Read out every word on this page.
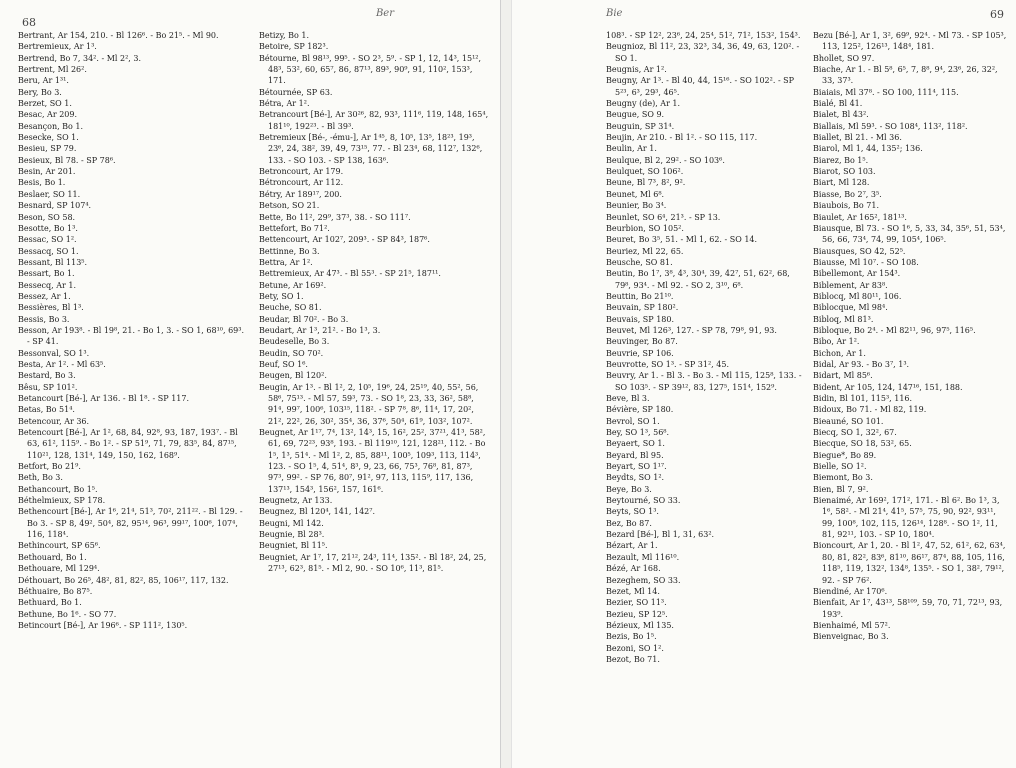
68
Ber

Bertrant, Ar 154, 210. - Bl 126⁶. - Bo 21⁵. - Ml 90.

Bertremieux, Ar 1³.

Bertrend, Bo 7, 34². - Ml 2², 3.

Bertrent, Ml 26².

Beru, Ar 1³¹.

Bery, Bo 3.

Berzet, SO 1.

Besac, Ar 209.

Besançon, Bo 1.

Besecke, SO 1.

Besieu, SP 79.

Besieux, Bl 78. - SP 78⁶.

Besin, Ar 201.

Besis, Bo 1.

Beslaer, SO 11.

Besnard, SP 107⁴.

Beson, SO 58.

Besotte, Bo 1³.

Bessac, SO 1².

Bessacq, SO 1.

Bessant, Bl 113⁵.

Bessart, Bo 1.

Bessecq, Ar 1.

Bessez, Ar 1.

Bessières, Bl 1³.

Bessis, Bo 3.

Besson, Ar 193⁸. - Bl 19⁸, 21. - Bo 1, 3. - SO 1, 68¹⁰, 69³. - SP 41.

Bessonval, SO 1³.

Besta, Ar 1². - Ml 63⁵.

Bestard, Bo 3.

Bêsu, SP 101².

Betancourt [Bé-], Ar 136. - Bl 1⁸. - SP 117.

Betas, Bo 51⁴.

Betencour, Ar 36.

Betencourt [Bé-], Ar 1², 68, 84, 92⁸, 93, 187, 193⁷. - Bl 63, 61², 115⁹. - Bo 1². - SP 51⁹, 71, 79, 83⁵, 84, 87¹⁵, 110²¹, 128, 131⁴, 149, 150, 162, 168⁹.

Betfort, Bo 21⁹.

Beth, Bo 3.

Bethancourt, Bo 1⁵.

Béthelmieux, SP 178.

Bethencourt [Bé-], Ar 1⁶, 21⁴, 51³, 70², 211²². - Bl 129. - Bo 3. - SP 8, 49², 50⁴, 82, 95¹⁴, 96³, 99¹⁷, 100⁶, 107⁴, 116, 118⁴.

Bethincourt, SP 65⁶.

Bethouard, Bo 1.

Bethouare, Ml 129⁴.

Déthouart, Bo 26⁵, 48², 81, 82², 85, 106¹⁷, 117, 132.

Béthuaire, Bo 87⁵.

Bethuard, Bo 1.

Bethune, Bo 1⁶. - SO 77.

Betincourt [Bé-], Ar 196⁶. - SP 111², 130⁵.

Betizy, Bo 1.

Betoire, SP 182³.

Bétourne, Bl 98¹³, 99⁵. - SO 2³, 5⁹. - SP 1, 12, 14³, 15¹², 48³, 53², 60, 65⁷, 86, 87¹³, 89³, 90⁹, 91, 110², 153³, 171.

Bétournée, SP 63.

Bétra, Ar 1².

Betrancourt [Bé-], Ar 30²⁶, 82, 93³, 111⁶, 119, 148, 165⁴, 181¹⁰, 192²³. - Bl 39³.

Betremieux [Bé-, -ému-], Ar 1⁴⁵, 8, 10⁵, 13⁵, 18²³, 19³, 23⁶, 24, 38², 39, 49, 73¹⁵, 77. - Bl 23⁴, 68, 112⁷, 132⁶, 133. - SO 103. - SP 138, 163⁶.

Betroncourt, Ar 179.

Bétroncourt, Ar 112.

Bétry, Ar 189¹⁷, 200.

Betson, SO 21.

Bette, Bo 11², 29⁹, 37³, 38. - SO 111⁷.

Bettefort, Bo 71².

Bettencourt, Ar 102⁷, 209³. - SP 84³, 187⁶.

Bettinne, Bo 3.

Bettra, Ar 1².

Bettremieux, Ar 47³. - Bl 55³. - SP 21⁵, 187¹¹.

Betune, Ar 169².

Bety, SO 1.

Beuche, SO 81.

Beudar, Bl 70². - Bo 3.

Beudart, Ar 1³, 21². - Bo 1³, 3.

Beudeselle, Bo 3.

Beudin, SO 70².

Beuf, SO 1⁶.

Beugen, Bl 120².

Beugin, Ar 1³. - Bl 1², 2, 10⁵, 19⁶, 24, 25¹⁹, 40, 55², 56, 58⁶, 75¹³. - Ml 57, 59³, 73. - SO 1⁸, 23, 33, 36², 58⁸, 91⁴, 99⁷, 100⁶, 103¹⁵, 118². - SP 7⁸, 8⁶, 11⁴, 17, 20², 21², 22², 26, 30², 35⁴, 36, 37⁶, 50⁴, 61⁹, 103², 107².

Beugnet, Ar 1¹⁷, 7⁴, 13², 14³, 15, 16², 25², 37²¹, 41³, 58², 61, 69, 72²³, 93⁸, 193. - Bl 119¹⁰, 121, 128²¹, 112. - Bo 1⁵, 1³, 51⁴. - Ml 1², 2, 85, 88¹¹, 100⁵, 109³, 113, 114³, 123. - SO 1⁵, 4, 51⁴, 8³, 9, 23, 66, 75³, 76⁸, 81, 87³, 97³, 99². - SP 76, 80⁷, 91², 97, 113, 115⁹, 117, 136, 137¹³, 154³, 156², 157, 161⁶.

Beugnetz, Ar 133.

Beugnez, Bl 120⁴, 141, 142⁷.

Beugni, Ml 142.

Beugnie, Bl 28³.

Beugniet, Bl 11⁵.

Beugniet, Ar 1⁷, 17, 21¹², 24³, 11⁴, 135². - Bl 18², 24, 25, 27¹³, 62³, 81⁵. - Ml 2, 90. - SO 10⁶, 11³, 81⁵.

Bie	69

108³. - SP 12², 23⁶, 24, 25⁴, 51², 71², 153², 154³.

Beugnioz, Bl 11², 23, 32³, 34, 36, 49, 63, 120². - SO 1.

Beugnis, Ar 1².

Beugny, Ar 1³. - Bl 40, 44, 15¹⁶. - SO 102². - SP 5²³, 6³, 29³, 46⁵.

Beugny (de), Ar 1.

Beugue, SO 9.

Beuguin, SP 31⁴.

Beujin, Ar 210. - Bl 1². - SO 115, 117.

Beulin, Ar 1.

Beulque, Bl 2, 29². - SO 103⁶.

Beulquet, SO 106².

Beune, Bl 7³, 8², 9².

Beunet, Ml 6⁸.

Beunier, Bo 3⁴.

Beunlet, SO 6⁴, 21³. - SP 13.

Beurbion, SO 105².

Beuret, Bo 3⁵, 51. - Ml 1, 62. - SO 14.

Beuriez, Ml 22, 65.

Beusche, SO 81.

Beutin, Bo 1⁷, 3⁸, 4³, 30⁴, 39, 42⁷, 51, 62², 68, 79⁸, 93⁴. - Ml 92. - SO 2, 3¹⁰, 6⁸.

Beuttin, Bo 21¹⁰.

Beuvain, SP 180².

Beuvais, SP 180.

Beuvet, Ml 126³, 127. - SP 78, 79⁸, 91, 93.

Beuvinger, Bo 87.

Beuvrie, SP 106.

Beuvrotte, SO 1³. - SP 31², 45.

Beuvry, Ar 1. - Bl 3. - Bo 3. - Ml 115, 125⁸, 133. - SO 103⁵. - SP 39¹², 83, 127⁵, 151⁴, 152⁹.

Beve, Bl 3.

Bévière, SP 180.

Bevrol, SO 1.

Bey, SO 1³, 56⁸.

Beyaert, SO 1.

Beyard, Bl 95.

Beyart, SO 1¹⁷.

Beydts, SO 1².

Beye, Bo 3.

Beytourné, SO 33.

Beyts, SO 1³.

Bez, Bo 87.

Bezard [Bé-], Bl 1, 31, 63².

Bézart, Ar 1.

Bezault, Ml 116¹⁰.

Bézé, Ar 168.

Bezeghem, SO 33.

Bezet, Ml 14.

Bezier, SO 11³.

Bezieu, SP 12⁵.

Bézieux, Ml 135.

Bezis, Bo 1⁵.

Bezoni, SO 1².

Bezot, Bo 71.

Bezu [Bé-], Ar 1, 3², 69⁹, 92⁴. - Ml 73. - SP 105³, 113, 125², 126¹³, 148⁴, 181.

Bhollet, SO 97.

Biache, Ar 1. - Bl 5⁸, 6⁵, 7, 8⁸, 9⁴, 23⁶, 26, 32², 33, 37³.

Biaiais, Ml 37⁸. - SO 100, 111⁴, 115.

Bialé, Bl 41.

Bialet, Bl 43².

Biallais, Ml 59³. - SO 108⁴, 113², 118².

Biallet, Bl 21. - Ml 36.

Biarol, Ml 1, 44, 135²; 136.

Biarez, Bo 1⁵.

Biarot, SO 103.

Biart, Ml 128.

Biasse, Bo 2⁷, 3⁵.

Biaubois, Bo 71.

Biaulet, Ar 165², 181¹³.

Biausque, Bl 73. - SO 1⁶, 5, 33, 34, 35⁶, 51, 53⁴, 56, 66, 73⁴, 74, 99, 105⁴, 106⁵.

Biausques, SO 42, 52⁵.

Biausse, Ml 10⁷. - SO 108.

Bibellemont, Ar 154³.

Biblement, Ar 83⁸.

Biblocq, Ml 80¹¹, 106.

Biblocque, Ml 98⁴.

Bibloq, Ml 81³.

Bibloque, Bo 2⁴. - Ml 82¹¹, 96, 97⁵, 116⁵.

Bibo, Ar 1².

Bichon, Ar 1.

Bidal, Ar 93. - Bo 3⁷, 1³.

Bidart, Ml 85⁶.

Bident, Ar 105, 124, 147¹⁶, 151, 188.

Bidin, Bl 101, 115³, 116.

Bidoux, Bo 71. - Ml 82, 119.

Bieauné, SO 101.

Biecq, SO 1, 32², 67.

Biecque, SO 18, 53², 65.

Biegue*, Bo 89.

Bielle, SO 1².

Biemont, Bo 3.

Bien, Bl 7, 9².

Bienaimé, Ar 169², 171², 171. - Bl 6². Bo 1³, 3, 1⁶, 58². - Ml 21⁴, 41⁵, 57⁵, 75, 90, 92², 93¹¹, 99, 100⁸, 102, 115, 126¹⁴, 128⁸. - SO 1², 11, 81, 92¹¹, 103. - SP 10, 180⁴.

Bioncourt, Ar 1, 20. - Bl 1², 47, 52, 61², 62, 63⁴, 80, 81, 82², 83⁶, 81¹⁰, 86¹⁷, 87⁴, 88, 105, 116, 118⁵, 119, 132², 134⁸, 135⁵. - SO 1, 38², 79¹², 92. - SP 76².

Biendiné, Ar 170⁶.

Bienfait, Ar 1⁷, 43¹³, 58¹⁰⁹, 59, 70, 71, 72¹³, 93, 193⁹.

Bienhaimé, Ml 57².

Bienveignac, Bo 3.
